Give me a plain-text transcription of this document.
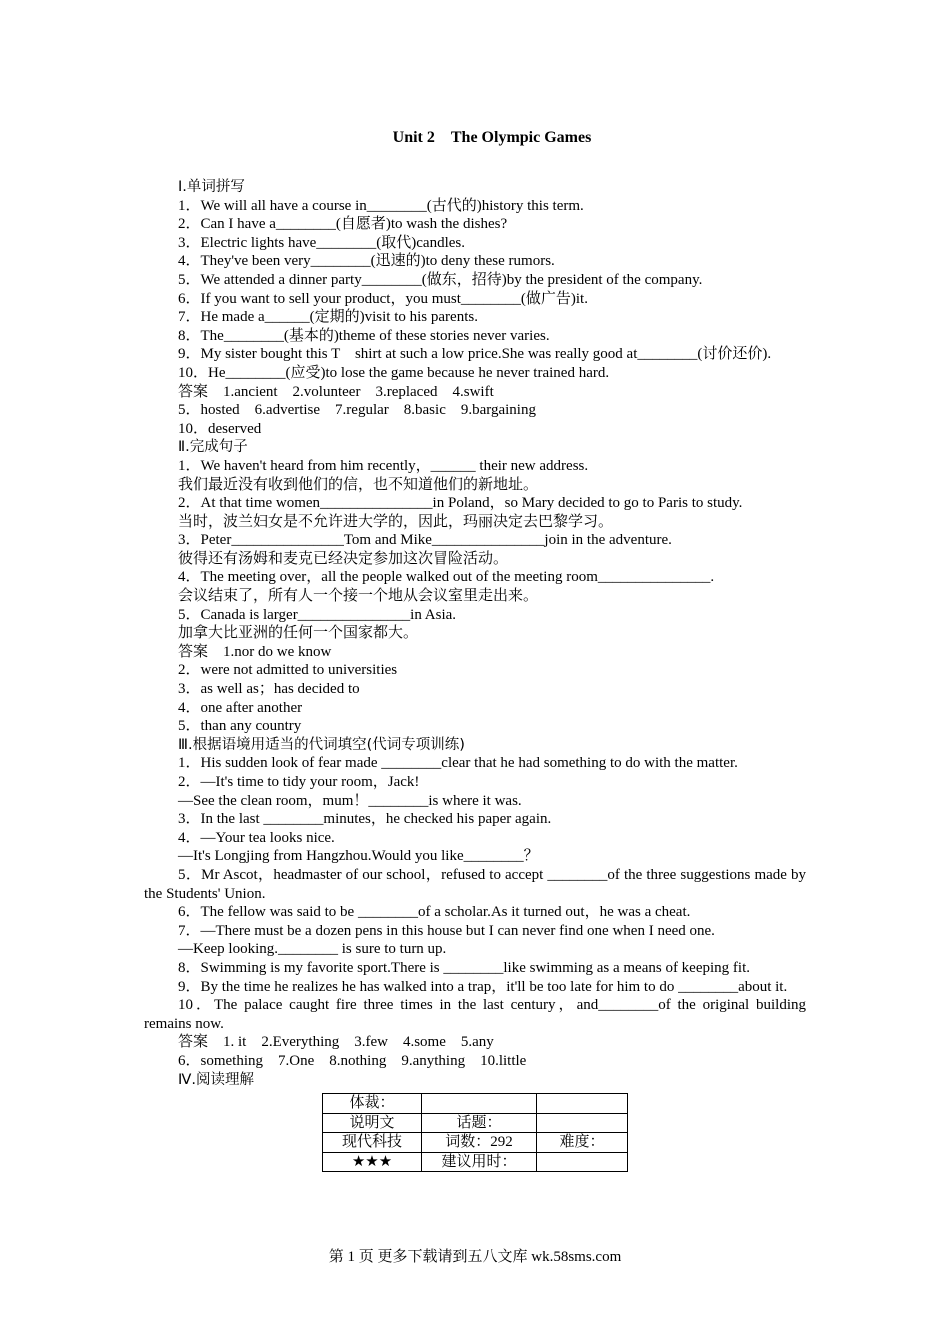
Unit 2　The Olympic Games

Ⅰ.单词拼写

1．We will all have a course in________(古代的)history this term.

2．Can I have a________(自愿者)to wash the dishes?

3．Electric lights have________(取代)candles.

4．They've been very________(迅速的)to deny these rumors.

5．We attended a dinner party________(做东，招待)by the president of the company.

6．If you want to sell your product，you must________(做广告)it.

7．He made a______(定期的)visit to his parents.

8．The________(基本的)theme of these stories never varies.

9．My sister bought this T　shirt at such a low price.She was really good at________(讨价还价).

10．He________(应受)to lose the game because he never trained hard.

答案　1.ancient　2.volunteer　3.replaced　4.swift

5．hosted　6.advertise　7.regular　8.basic　9.bargaining

10．deserved

Ⅱ.完成句子

1．We haven't heard from him recently，______ their new address.

我们最近没有收到他们的信，也不知道他们的新地址。

2．At that time women_______________in Poland，so Mary decided to go to Paris to study.

当时，波兰妇女是不允许进大学的，因此，玛丽决定去巴黎学习。

3．Peter_______________Tom and Mike_______________join in the adventure.

彼得还有汤姆和麦克已经决定参加这次冒险活动。

4．The meeting over，all the people walked out of the meeting room_______________.

会议结束了，所有人一个接一个地从会议室里走出来。

5．Canada is larger_______________in Asia.

加拿大比亚洲的任何一个国家都大。

答案　1.nor do we know

2．were not admitted to universities

3．as well as；has decided to

4．one after another

5．than any country

Ⅲ.根据语境用适当的代词填空(代词专项训练)

1．His sudden look of fear made ________clear that he had something to do with the matter.

2．—It's time to tidy your room，Jack!

—See the clean room，mum！________is where it was.

3．In the last ________minutes，he checked his paper again.

4．—Your tea looks nice.

—It's Longjing from Hangzhou.Would you like________？

5．Mr Ascot，headmaster of our school，refused to accept ________of the three suggestions made by the Students' Union.

6．The fellow was said to be ________of a scholar.As it turned out，he was a cheat.

7．—There must be a dozen pens in this house but I can never find one when I need one.

—Keep looking.________ is sure to turn up.

8．Swimming is my favorite sport.There is ________like swimming as a means of keeping fit.

9．By the time he realizes he has walked into a trap，it'll be too late for him to do ________about it.

10．The palace caught fire three times in the last century，and________of the original building remains now.

答案　1. it　2.Everything　3.few　4.some　5.any

6．something　7.One　8.nothing　9.anything　10.little

Ⅳ.阅读理解

体裁：		
说明文	话题：	
现代科技	词数：292	难度：
★★★	建议用时：	
第 1 页 更多下载请到五八文库 wk.58sms.com
